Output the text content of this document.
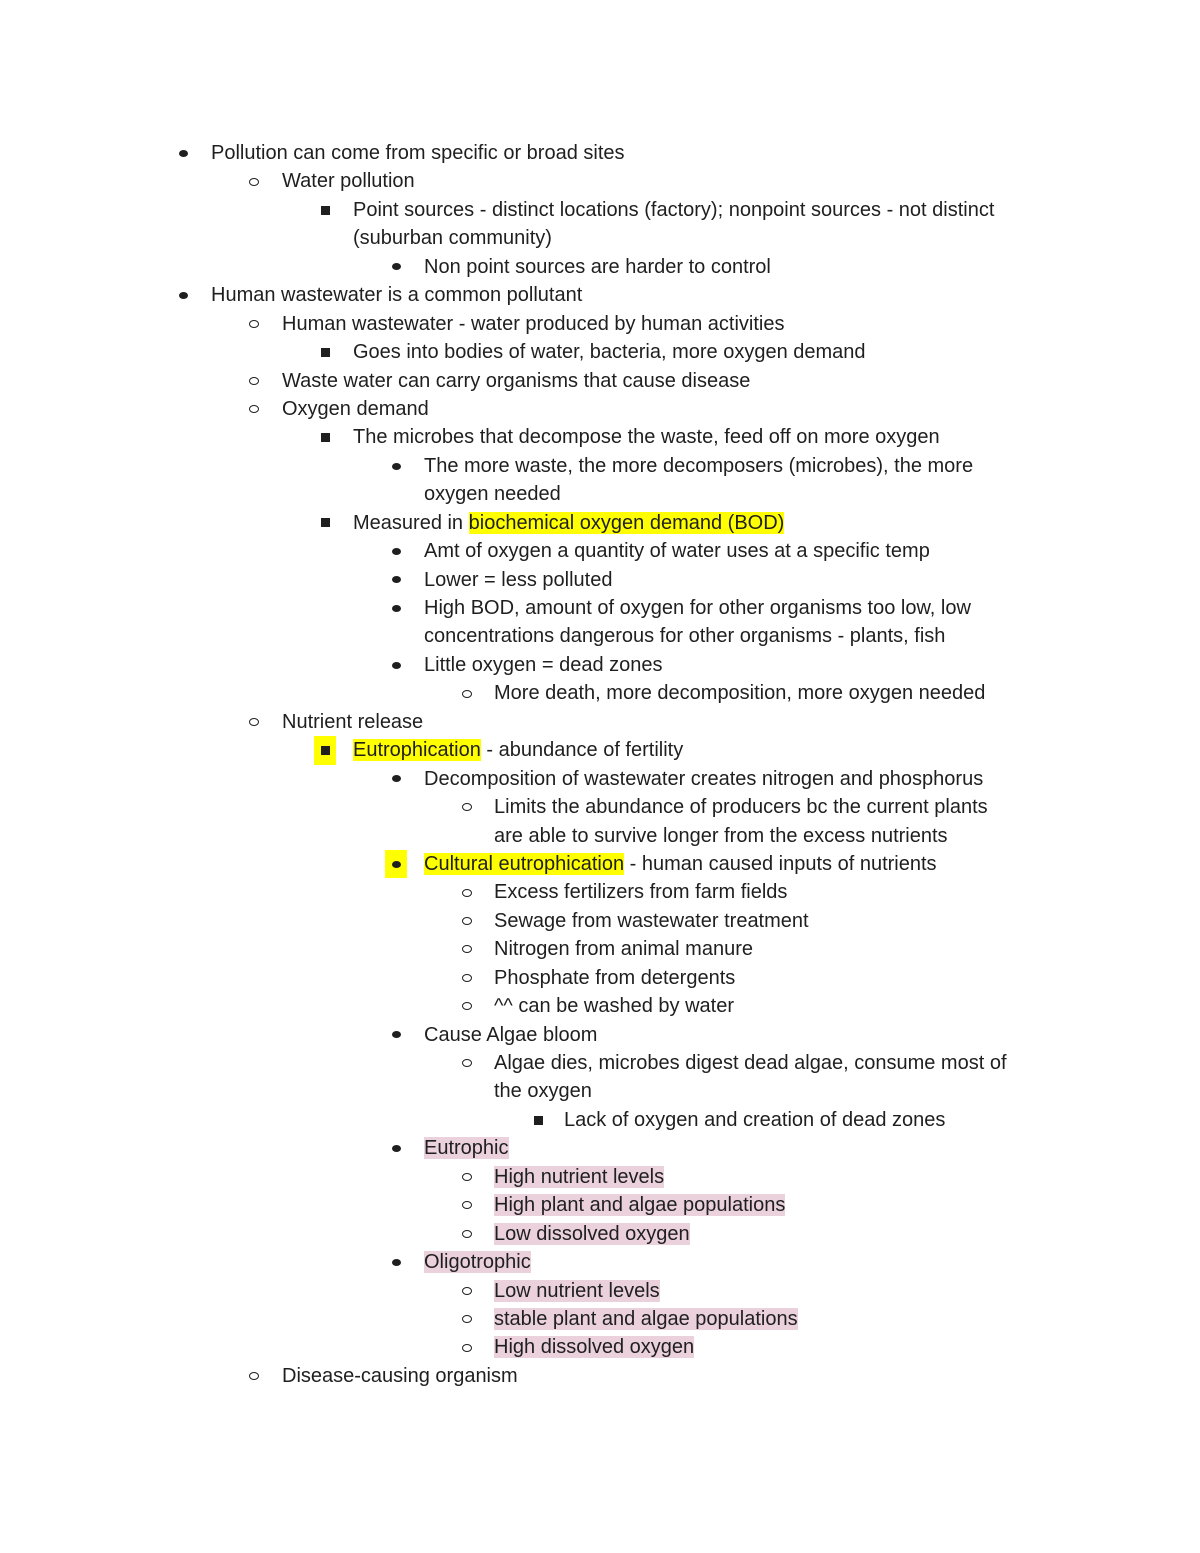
Pollution can come from specific or broad sites
Water pollution
Point sources - distinct locations (factory); nonpoint sources - not distinct
(suburban community)
Non point sources are harder to control
Human wastewater is a common pollutant
Human wastewater - water produced by human activities
Goes into bodies of water, bacteria, more oxygen demand
Waste water can carry organisms that cause disease
Oxygen demand
The microbes that decompose the waste, feed off on more oxygen
The more waste, the more decomposers (microbes), the more
oxygen needed
Measured in biochemical oxygen demand (BOD)
Amt of oxygen a quantity of water uses at a specific temp
Lower = less polluted
High BOD, amount of oxygen for other organisms too low, low
concentrations dangerous for other organisms - plants, fish
Little oxygen = dead zones
More death, more decomposition, more oxygen needed
Nutrient release
Eutrophication - abundance of fertility
Decomposition of wastewater creates nitrogen and phosphorus
Limits the abundance of producers bc the current plants
are able to survive longer from the excess nutrients
Cultural eutrophication - human caused inputs of nutrients
Excess fertilizers from farm fields
Sewage from wastewater treatment
Nitrogen from animal manure
Phosphate from detergents
^^ can be washed by water
Cause Algae bloom
Algae dies, microbes digest dead algae, consume most of
the oxygen
Lack of oxygen and creation of dead zones
Eutrophic
High nutrient levels
High plant and algae populations
Low dissolved oxygen
Oligotrophic
Low nutrient levels
stable plant and algae populations
High dissolved oxygen
Disease-causing organism
